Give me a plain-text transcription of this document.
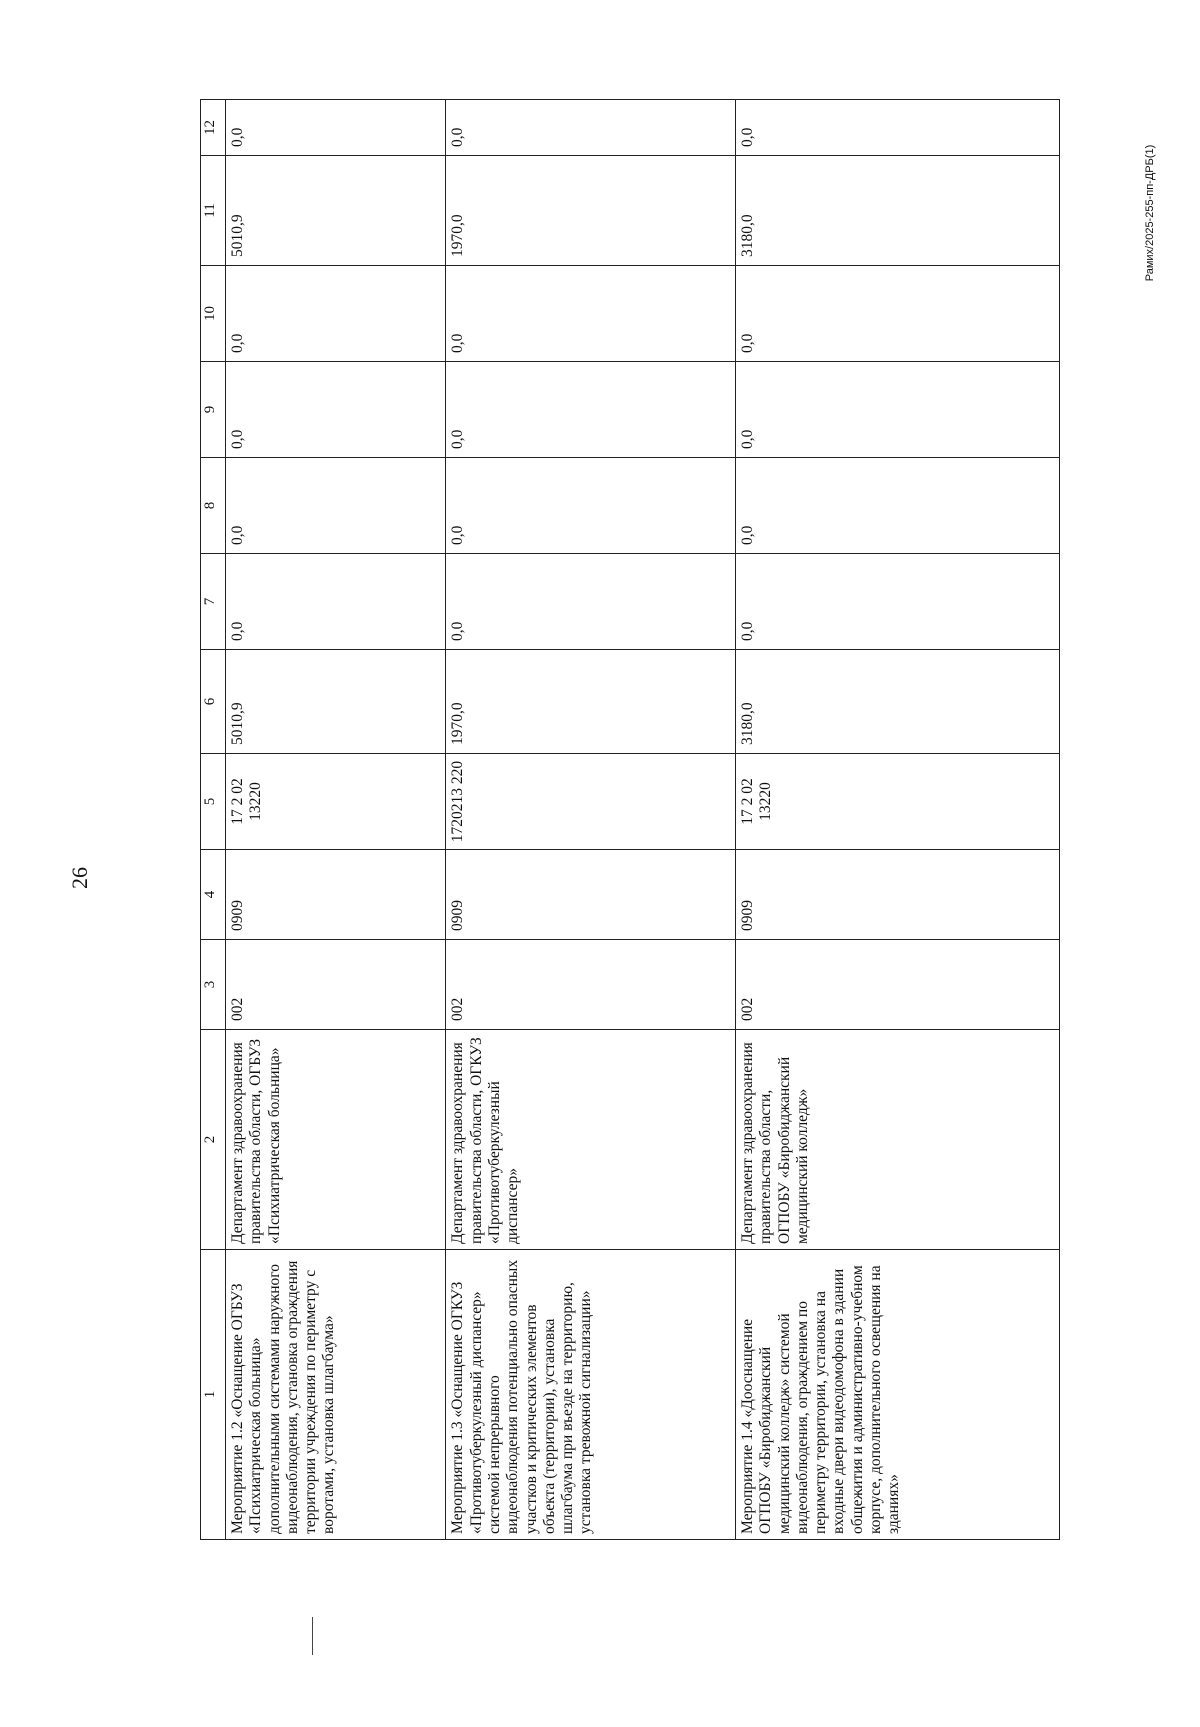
26
Рамих/2025-255-пп-ДРБ(1)
1	2	3	4	5	6	7	8	9	10	11	12
Мероприятие 1.2 «Оснащение ОГБУЗ «Психиатрическая больница» дополнительными системами наружного видеонаблюдения, установка ограждения территории учреждения по периметру с воротами, установка шлагбаума»	Департамент здравоохранения правительства области, ОГБУЗ «Психиатрическая больница»	002	0909	17 2 02 13220	5010,9	0,0	0,0	0,0	0,0	5010,9	0,0
Мероприятие 1.3 «Оснащение ОГКУЗ «Противотуберкулезный диспансер» системой непрерывного видеонаблюдения потенциально опасных участков и критических элементов объекта (территории), установка шлагбаума при въезде на территорию, установка тревожной сигнализации»	Департамент здравоохранения правительства области, ОГКУЗ «Противотуберкулезный диспансер»	002	0909	1720213 220	1970,0	0,0	0,0	0,0	0,0	1970,0	0,0
Мероприятие 1.4 «Дооснащение ОГПОБУ «Биробиджанский медицинский колледж» системой видеонаблюдения, ограждением по периметру территории, установка на входные двери видеодомофона в здании общежития и административно-учебном корпусе, дополнительного освещения на зданиях»	Департамент здравоохранения правительства области, ОГПОБУ «Биробиджанский медицинский колледж»	002	0909	17 2 02 13220	3180,0	0,0	0,0	0,0	0,0	3180,0	0,0
